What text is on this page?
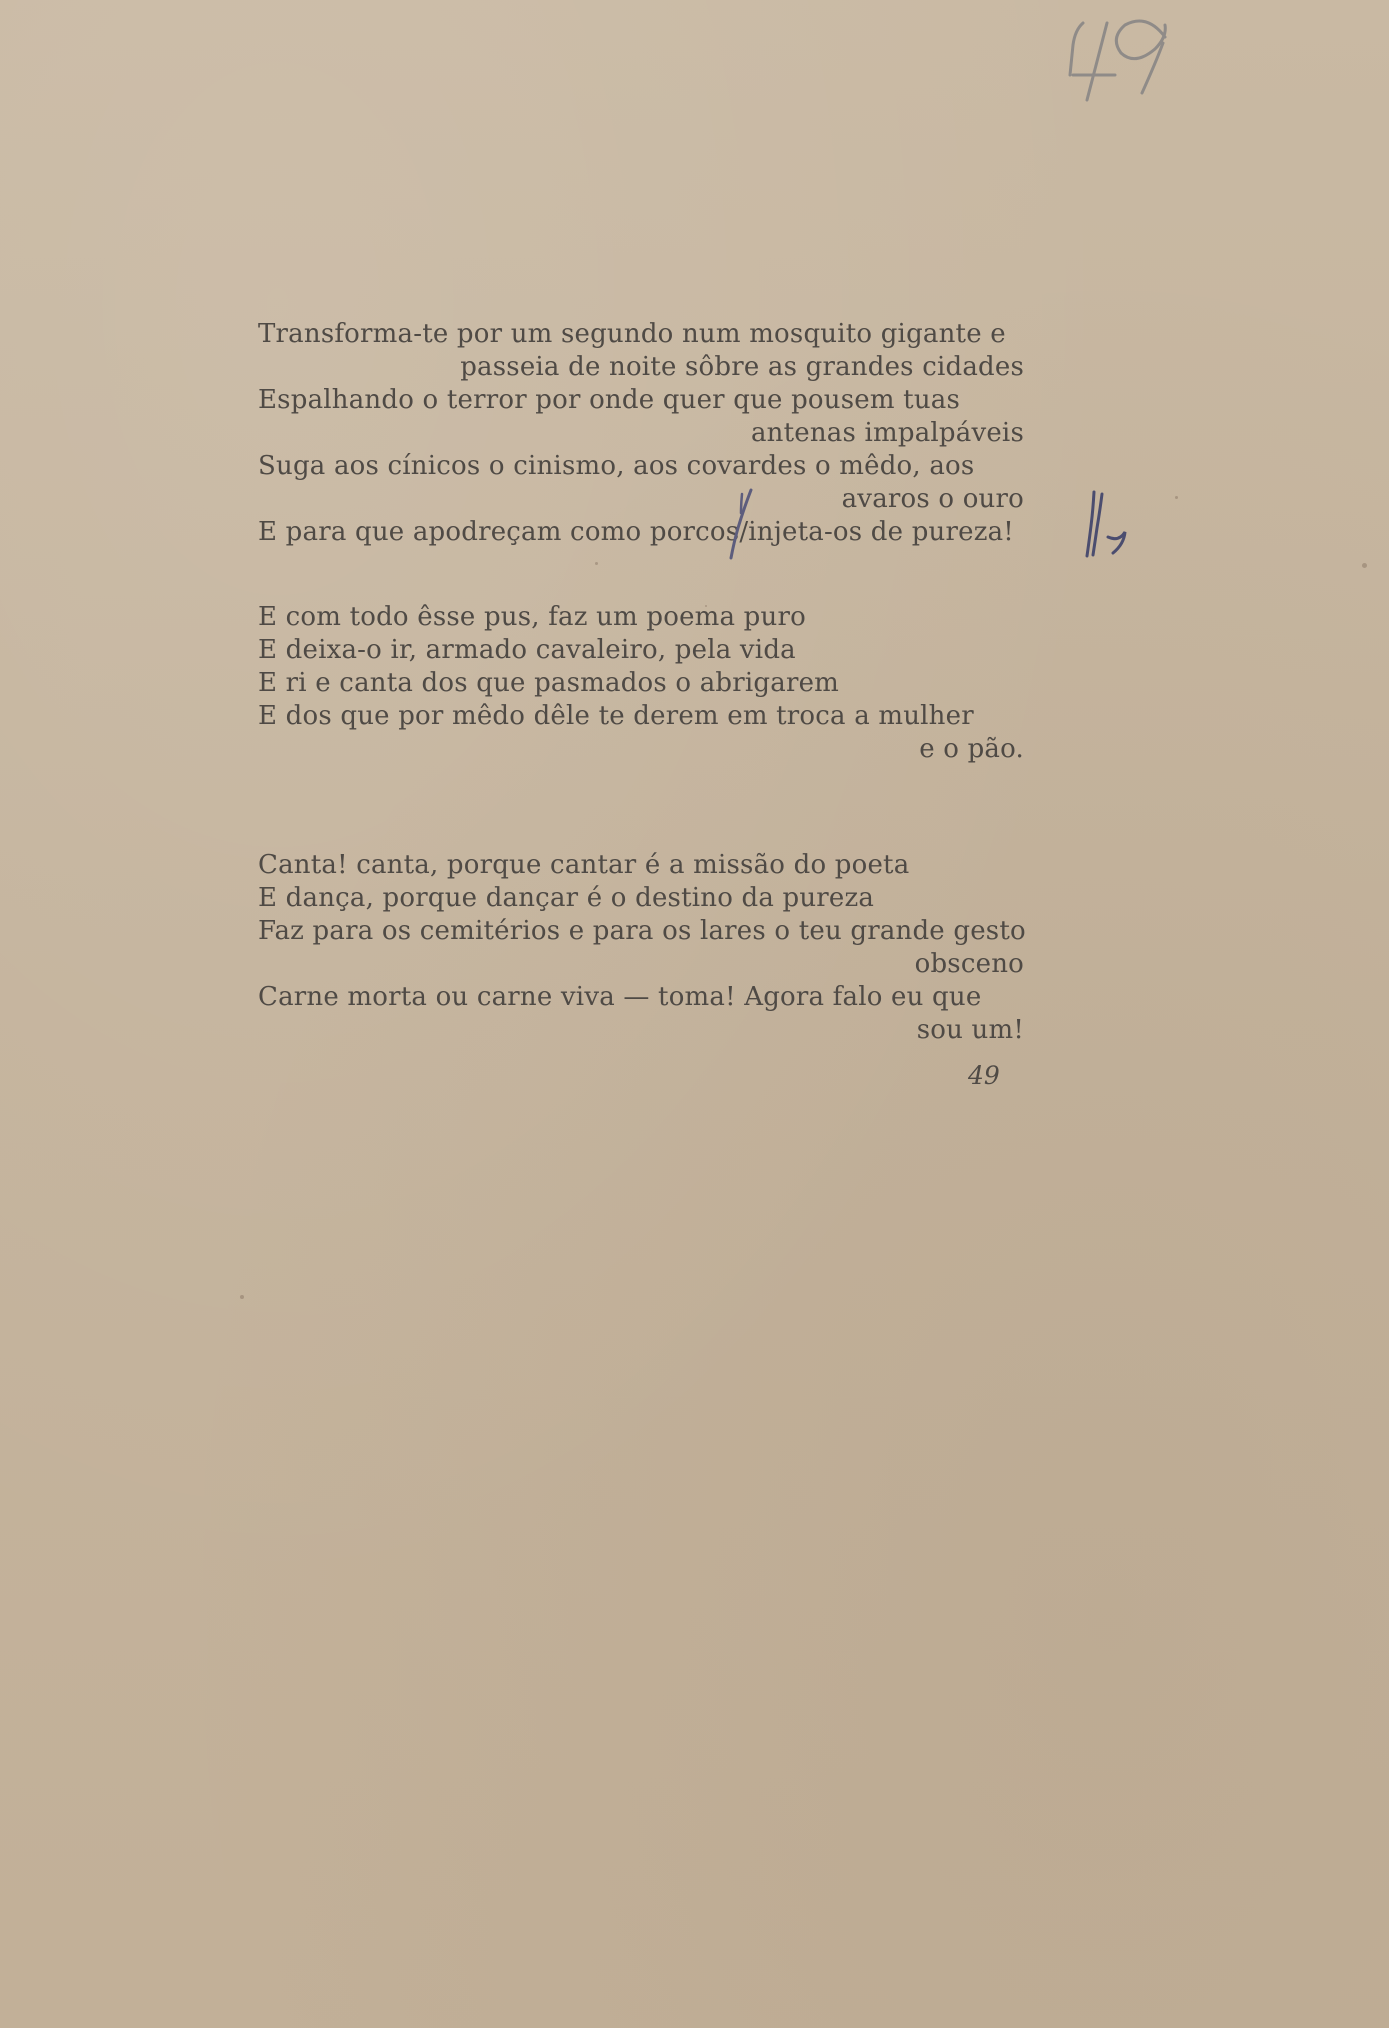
Transforma-te por um segundo num mosquito gigante e
passeia de noite sôbre as grandes cidades
Espalhando o terror por onde quer que pousem tuas
antenas impalpáveis
Suga aos cínicos o cinismo, aos covardes o mêdo, aos
avaros o ouro
E para que apodreçam como porcos/injeta-os de pureza!
E com todo êsse pus, faz um poema puro
E deixa-o ir, armado cavaleiro, pela vida
E ri e canta dos que pasmados o abrigarem
E dos que por mêdo dêle te derem em troca a mulher
e o pão.
Canta! canta, porque cantar é a missão do poeta
E dança, porque dançar é o destino da pureza
Faz para os cemitérios e para os lares o teu grande gesto
obsceno
Carne morta ou carne viva — toma! Agora falo eu que
sou um!
49
